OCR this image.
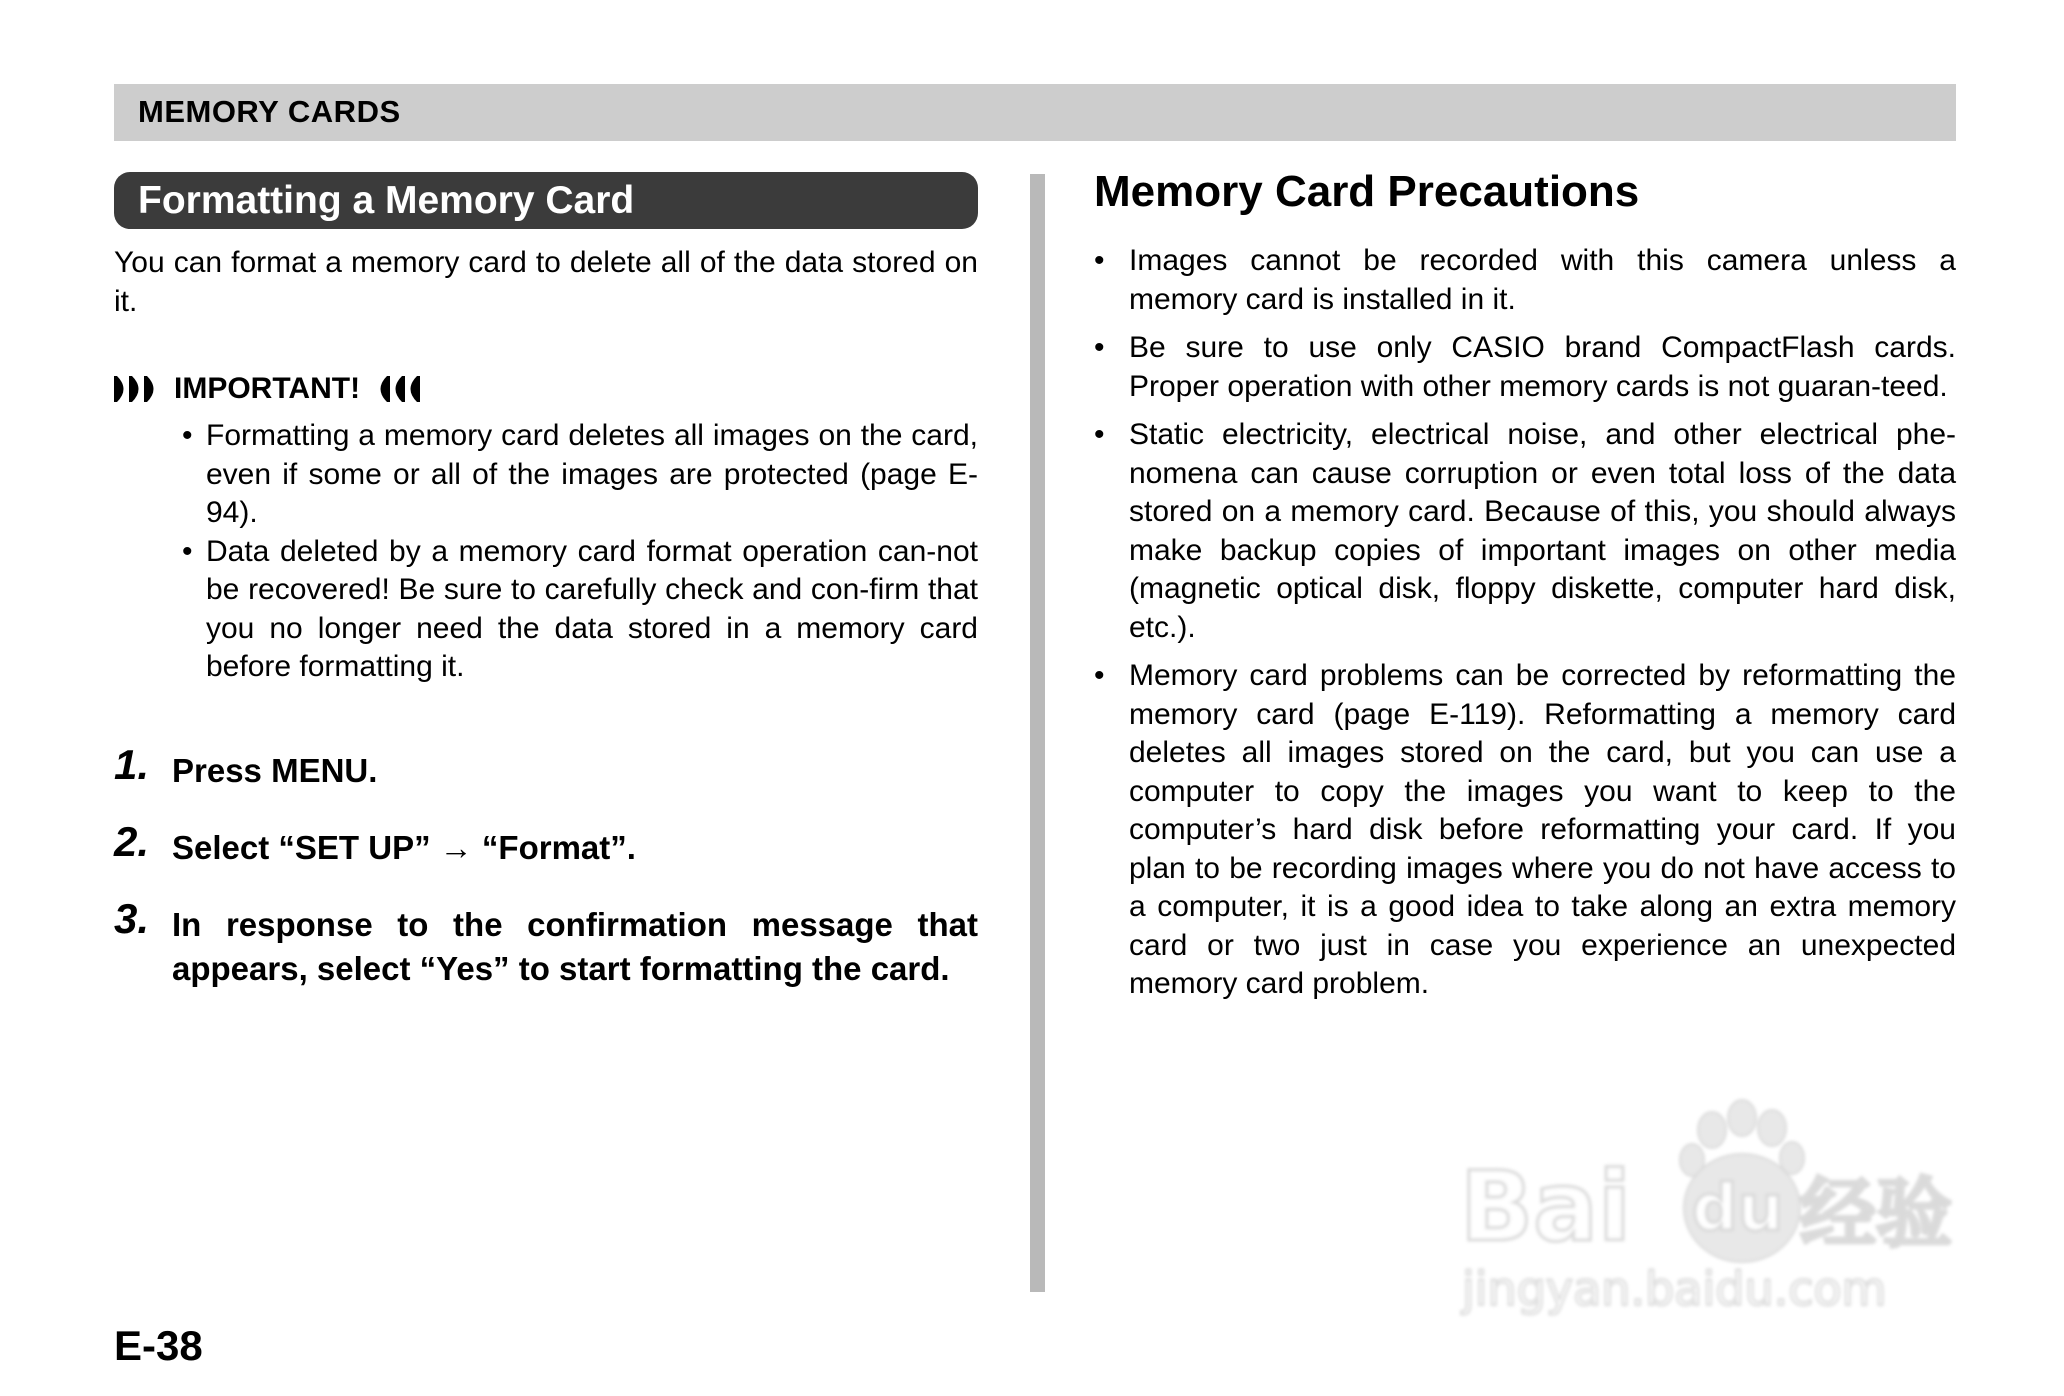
MEMORY CARDS
Formatting a Memory Card
You can format a memory card to delete all of the data stored on it.
IMPORTANT!
• Formatting a memory card deletes all images on the card, even if some or all of the images are protected (page E-94).
• Data deleted by a memory card format operation can-not be recovered! Be sure to carefully check and con-firm that you no longer need the data stored in a memory card before formatting it.
1. Press MENU.
2. Select “SET UP” → “Format”.
3. In response to the confirmation message that appears, select “Yes” to start formatting the card.
Memory Card Precautions
• Images cannot be recorded with this camera unless a memory card is installed in it.
• Be sure to use only CASIO brand CompactFlash cards. Proper operation with other memory cards is not guaran-teed.
• Static electricity, electrical noise, and other electrical phe-nomena can cause corruption or even total loss of the data stored on a memory card. Because of this, you should always make backup copies of important images on other media (magnetic optical disk, floppy diskette, computer hard disk, etc.).
• Memory card problems can be corrected by reformatting the memory card (page E-119). Reformatting a memory card deletes all images stored on the card, but you can use a computer to copy the images you want to keep to the computer’s hard disk before reformatting your card. If you plan to be recording images where you do not have access to a computer, it is a good idea to take along an extra memory card or two just in case you experience an unexpected memory card problem.
E-38
Bai du 经验
jingyan.baidu.com
